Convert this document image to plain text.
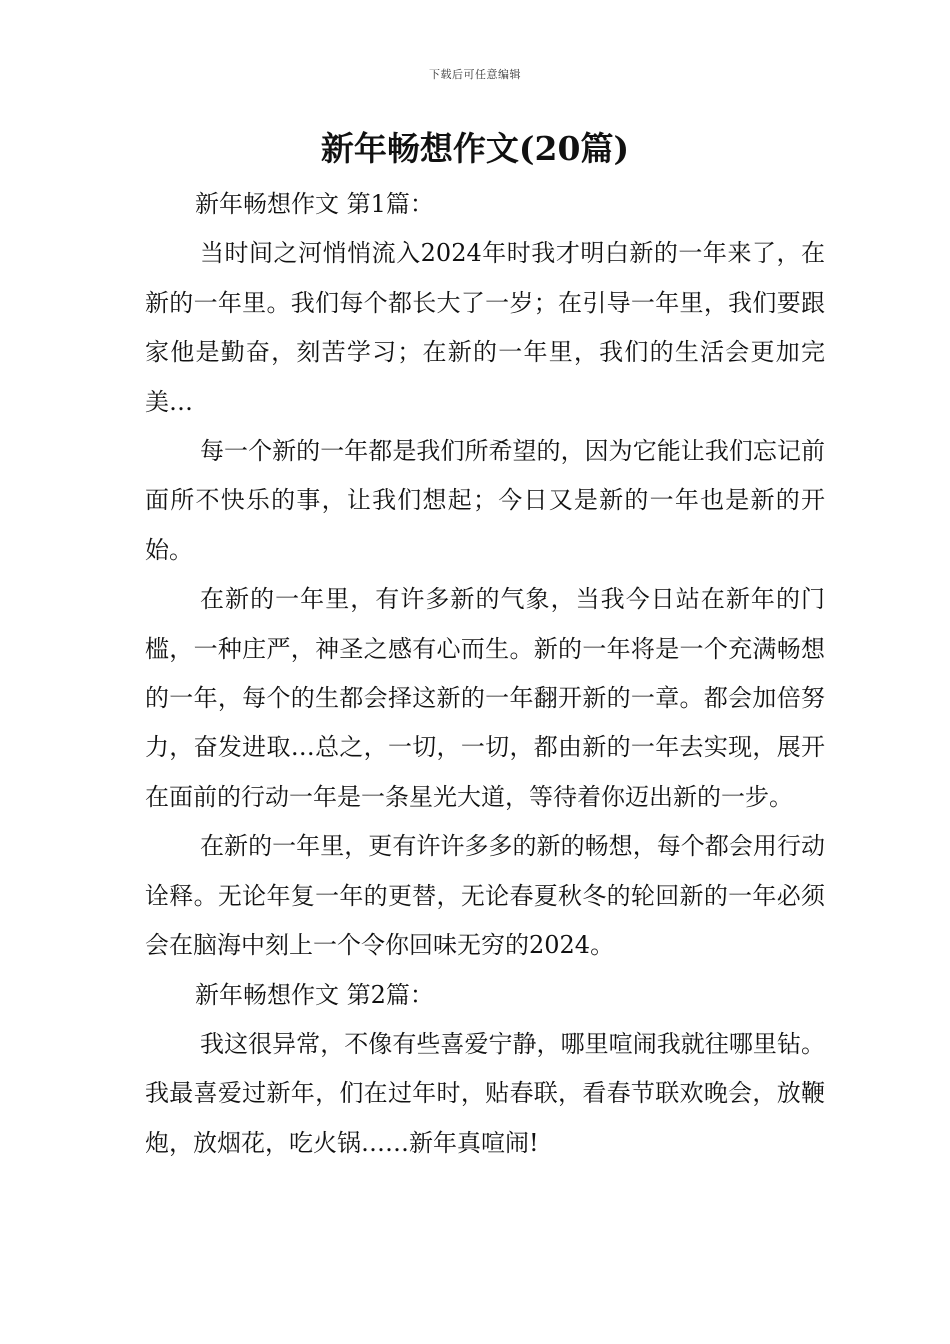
下载后可任意编辑
新年畅想作文(20篇)

新年畅想作文 第1篇：

当时间之河悄悄流入2024年时我才明白新的一年来了，在新的一年里。我们每个都长大了一岁；在引导一年里，我们要跟家他是勤奋，刻苦学习；在新的一年里，我们的生活会更加完美…

每一个新的一年都是我们所希望的，因为它能让我们忘记前面所不快乐的事，让我们想起；今日又是新的一年也是新的开始。

在新的一年里，有许多新的气象，当我今日站在新年的门槛，一种庄严，神圣之感有心而生。新的一年将是一个充满畅想的一年，每个的生都会择这新的一年翻开新的一章。都会加倍努力，奋发进取…总之，一切，一切，都由新的一年去实现，展开在面前的行动一年是一条星光大道，等待着你迈出新的一步。

在新的一年里，更有许许多多的新的畅想，每个都会用行动诠释。无论年复一年的更替，无论春夏秋冬的轮回新的一年必须会在脑海中刻上一个令你回味无穷的2024。

新年畅想作文 第2篇：

我这很异常，不像有些喜爱宁静，哪里喧闹我就往哪里钻。我最喜爱过新年，们在过年时，贴春联，看春节联欢晚会，放鞭炮，放烟花，吃火锅……新年真喧闹!
